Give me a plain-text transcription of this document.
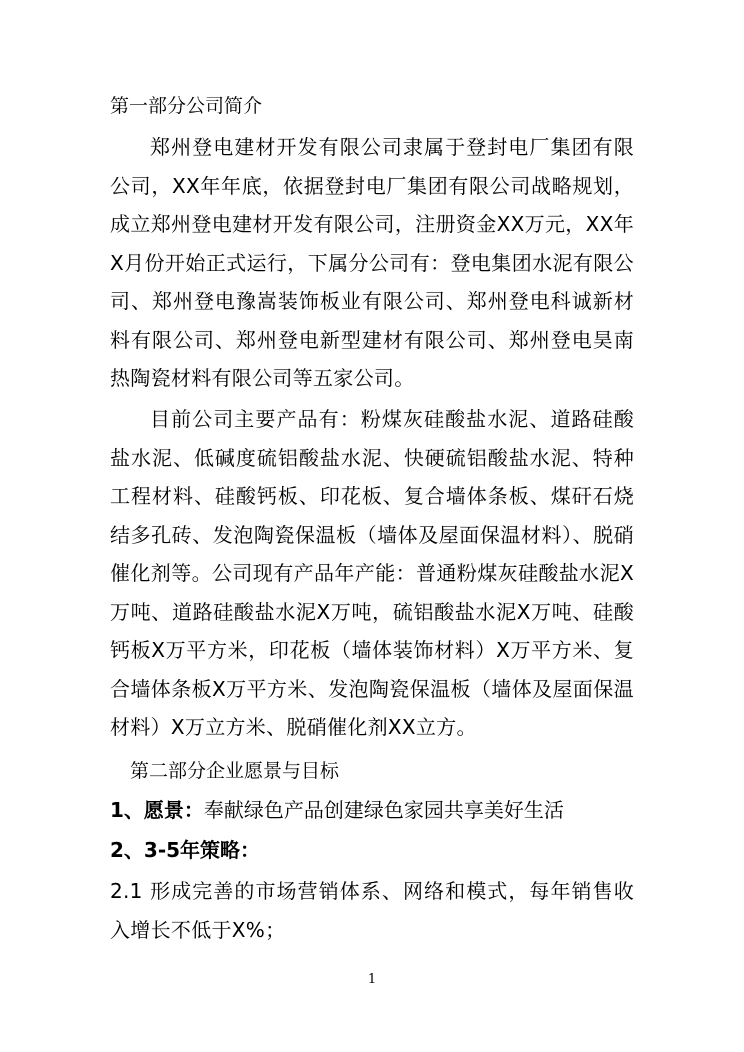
第一部分公司简介
郑州登电建材开发有限公司隶属于登封电厂集团有限公司，XX年年底，依据登封电厂集团有限公司战略规划，成立郑州登电建材开发有限公司，注册资金XX万元，XX年X月份开始正式运行，下属分公司有：登电集团水泥有限公司、郑州登电豫嵩装饰板业有限公司、郑州登电科诚新材料有限公司、郑州登电新型建材有限公司、郑州登电昊南热陶瓷材料有限公司等五家公司。
目前公司主要产品有：粉煤灰硅酸盐水泥、道路硅酸盐水泥、低碱度硫铝酸盐水泥、快硬硫铝酸盐水泥、特种工程材料、硅酸钙板、印花板、复合墙体条板、煤矸石烧结多孔砖、发泡陶瓷保温板（墙体及屋面保温材料）、脱硝催化剂等。公司现有产品年产能：普通粉煤灰硅酸盐水泥X万吨、道路硅酸盐水泥X万吨，硫铝酸盐水泥X万吨、硅酸钙板X万平方米，印花板（墙体装饰材料）X万平方米、复合墙体条板X万平方米、发泡陶瓷保温板（墙体及屋面保温材料）X万立方米、脱硝催化剂XX立方。
第二部分企业愿景与目标
1、愿景：奉献绿色产品创建绿色家园共享美好生活
2、3-5年策略：
2.1 形成完善的市场营销体系、网络和模式，每年销售收入增长不低于X%；
1
